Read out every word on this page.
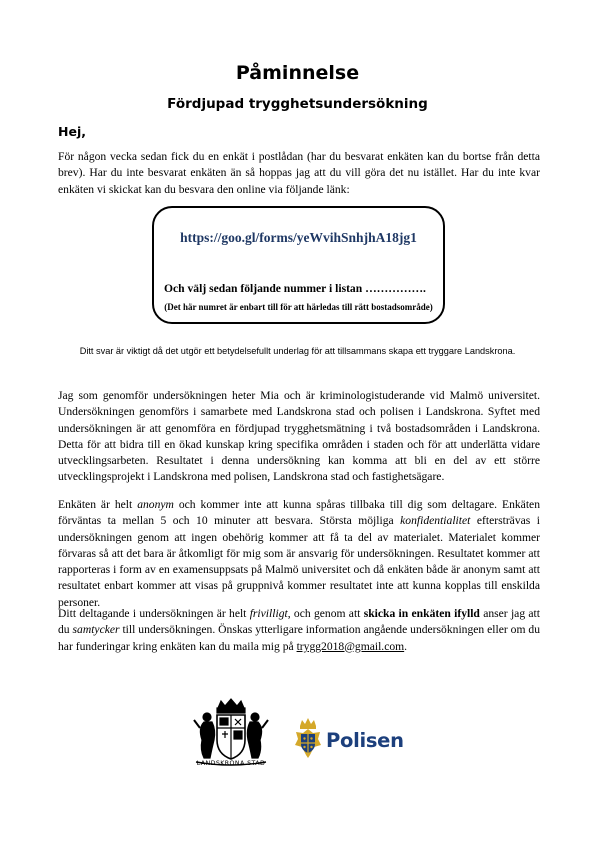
Påminnelse
Fördjupad trygghetsundersökning
Hej,

För någon vecka sedan fick du en enkät i postlådan (har du besvarat enkäten kan du bortse från detta brev). Har du inte besvarat enkäten än så hoppas jag att du vill göra det nu istället. Har du inte kvar enkäten vi skickat kan du besvara den online via följande länk:

https://goo.gl/forms/yeWvihSnhjhA18jg1
Och välj sedan följande nummer i listan …………….
(Det här numret är enbart till för att härledas till rätt bostadsområde)
Ditt svar är viktigt då det utgör ett betydelsefullt underlag för att tillsammans skapa ett tryggare Landskrona.

Jag som genomför undersökningen heter Mia och är kriminologistuderande vid Malmö universitet. Undersökningen genomförs i samarbete med Landskrona stad och polisen i Landskrona. Syftet med undersökningen är att genomföra en fördjupad trygghetsmätning i två bostadsområden i Landskrona. Detta för att bidra till en ökad kunskap kring specifika områden i staden och för att underlätta vidare utvecklingsarbeten. Resultatet i denna undersökning kan komma att bli en del av ett större utvecklingsprojekt i Landskrona med polisen, Landskrona stad och fastighetsägare.

Enkäten är helt anonym och kommer inte att kunna spåras tillbaka till dig som deltagare. Enkäten förväntas ta mellan 5 och 10 minuter att besvara. Största möjliga konfidentialitet eftersträvas i undersökningen genom att ingen obehörig kommer att få ta del av materialet. Materialet kommer förvaras så att det bara är åtkomligt för mig som är ansvarig för undersökningen. Resultatet kommer att rapporteras i form av en examensuppsats på Malmö universitet och då enkäten både är anonym samt att resultatet enbart kommer att visas på gruppnivå kommer resultatet inte att kunna kopplas till enskilda personer.

Ditt deltagande i undersökningen är helt frivilligt, och genom att skicka in enkäten ifylld anser jag att du samtycker till undersökningen. Önskas ytterligare information angående undersökningen eller om du har funderingar kring enkäten kan du maila mig på trygg2018@gmail.com.

LANDSKRONA STAD
Polisen
